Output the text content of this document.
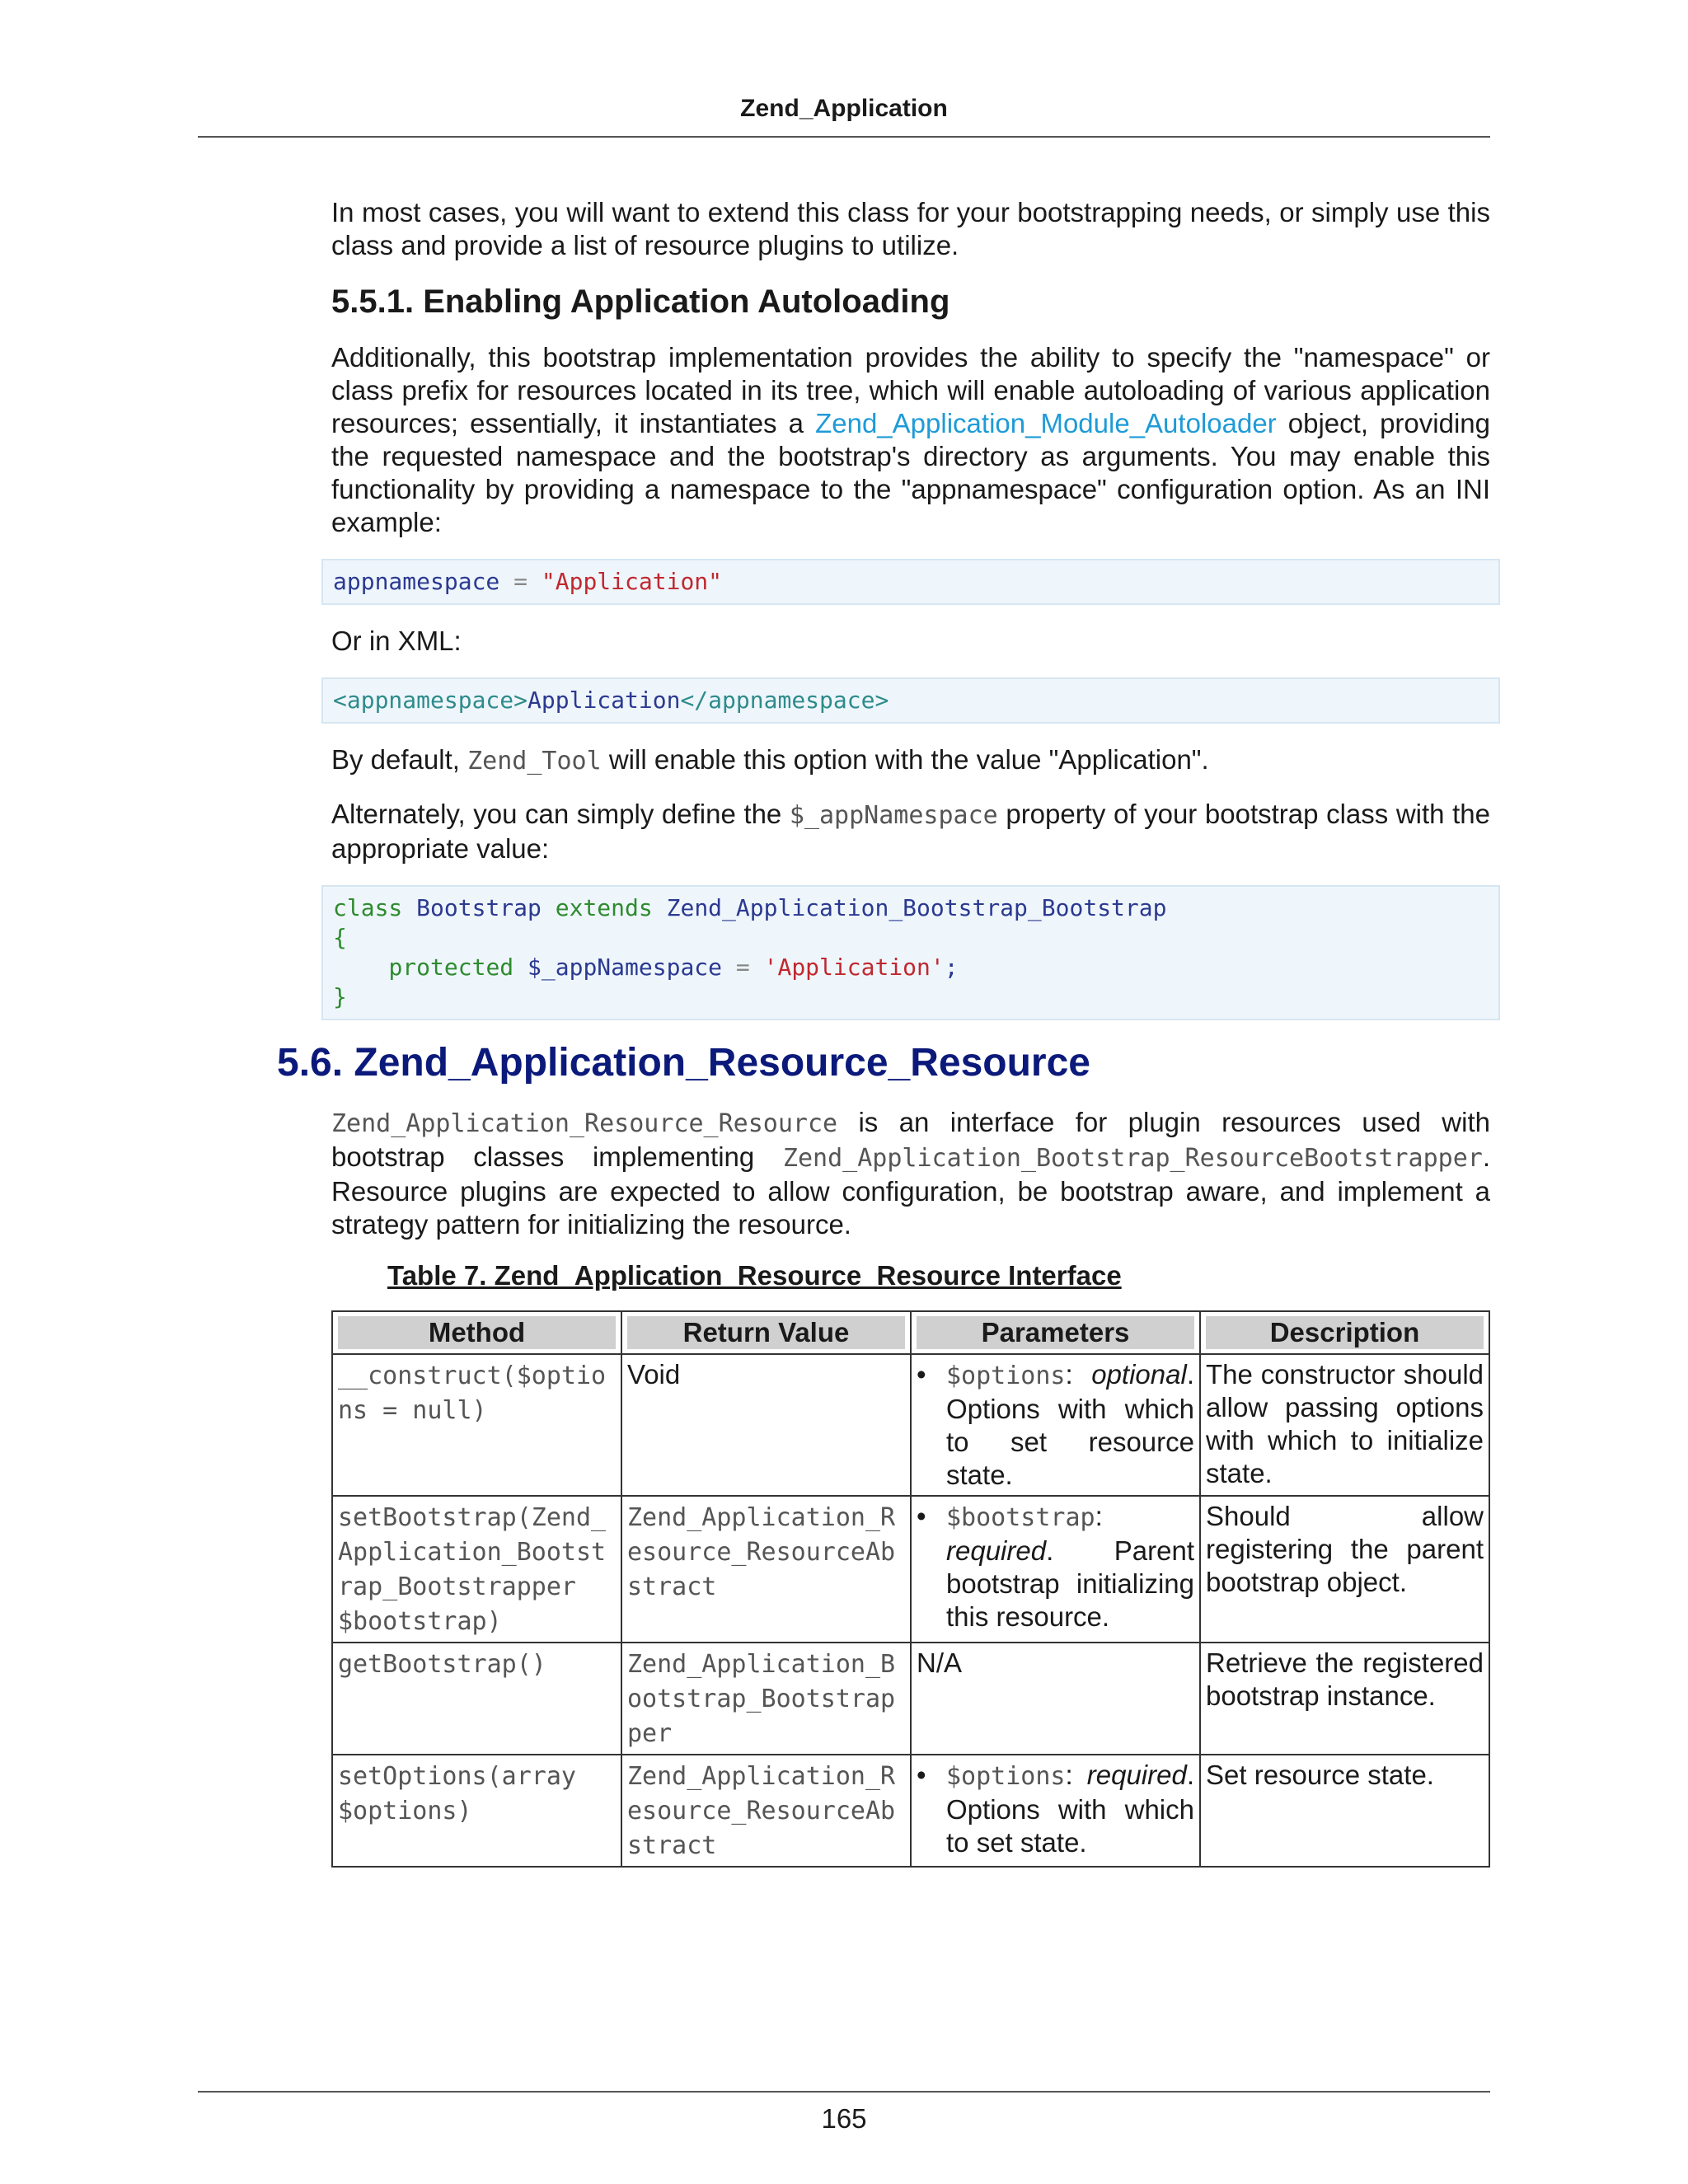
Zend_Application

In most cases, you will want to extend this class for your bootstrapping needs, or simply use this class and provide a list of resource plugins to utilize.

5.5.1. Enabling Application Autoloading

Additionally, this bootstrap implementation provides the ability to specify the "namespace" or class prefix for resources located in its tree, which will enable autoloading of various application resources; essentially, it instantiates a Zend_Application_Module_Autoloader object, providing the requested namespace and the bootstrap's directory as arguments. You may enable this functionality by providing a namespace to the "appnamespace" configuration option. As an INI example:

appnamespace = "Application"

Or in XML:

<appnamespace>Application</appnamespace>

By default, Zend_Tool will enable this option with the value "Application".

Alternately, you can simply define the $_appNamespace property of your bootstrap class with the appropriate value:

class Bootstrap extends Zend_Application_Bootstrap_Bootstrap
{
protected $_appNamespace = 'Application';
}
5.6. Zend_Application_Resource_Resource

Zend_Application_Resource_Resource is an interface for plugin resources used with bootstrap classes implementing Zend_Application_Bootstrap_ResourceBootstrapper. Resource plugins are expected to allow configuration, be bootstrap aware, and implement a strategy pattern for initializing the resource.

Table 7. Zend_Application_Resource_Resource Interface
Method	Return Value	Parameters	Description

__construct($options = null)	Void	• $options: optional. Options with which to set resource state.	The constructor should allow passing options with which to initialize state.
setBootstrap(Zend_Application_Bootstrap_Bootstrapper $bootstrap)	Zend_Application_Resource_ResourceAbstract	• $bootstrap: required. Parent bootstrap initializing this resource.	Should allow registering the parent bootstrap object.
getBootstrap()	Zend_Application_Bootstrap_Bootstrapper	N/A	Retrieve the registered bootstrap instance.
setOptions(array $options)	Zend_Application_Resource_ResourceAbstract	• $options: required. Options with which to set state.	Set resource state.
165
